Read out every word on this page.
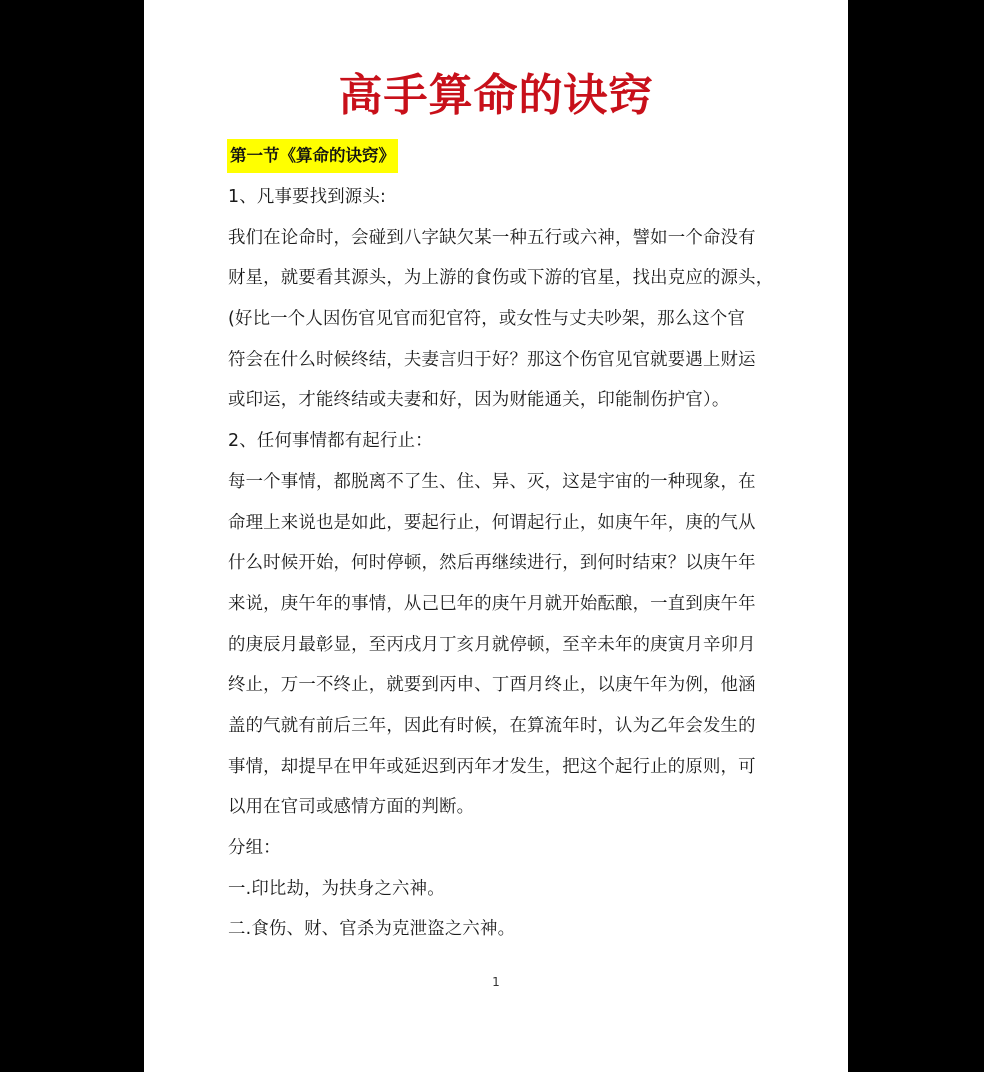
高手算命的诀窍
第一节《算命的诀窍》
1、凡事要找到源头:
我们在论命时，会碰到八字缺欠某一种五行或六神，譬如一个命没有
财星，就要看其源头，为上游的食伤或下游的官星，找出克应的源头，
(好比一个人因伤官见官而犯官符，或女性与丈夫吵架，那么这个官
符会在什么时候终结，夫妻言归于好？那这个伤官见官就要遇上财运
或印运，才能终结或夫妻和好，因为财能通关，印能制伤护官）。
2、任何事情都有起行止：
每一个事情，都脱离不了生、住、异、灭，这是宇宙的一种现象，在
命理上来说也是如此，要起行止，何谓起行止，如庚午年，庚的气从
什么时候开始，何时停顿，然后再继续进行，到何时结束？以庚午年
来说，庚午年的事情，从己巳年的庚午月就开始酝酿，一直到庚午年
的庚辰月最彰显，至丙戌月丁亥月就停顿，至辛未年的庚寅月辛卯月
终止，万一不终止，就要到丙申、丁酉月终止，以庚午年为例，他涵
盖的气就有前后三年，因此有时候，在算流年时，认为乙年会发生的
事情，却提早在甲年或延迟到丙年才发生，把这个起行止的原则，可
以用在官司或感情方面的判断。
分组：
一.印比劫，为扶身之六神。
二.食伤、财、官杀为克泄盗之六神。
1
